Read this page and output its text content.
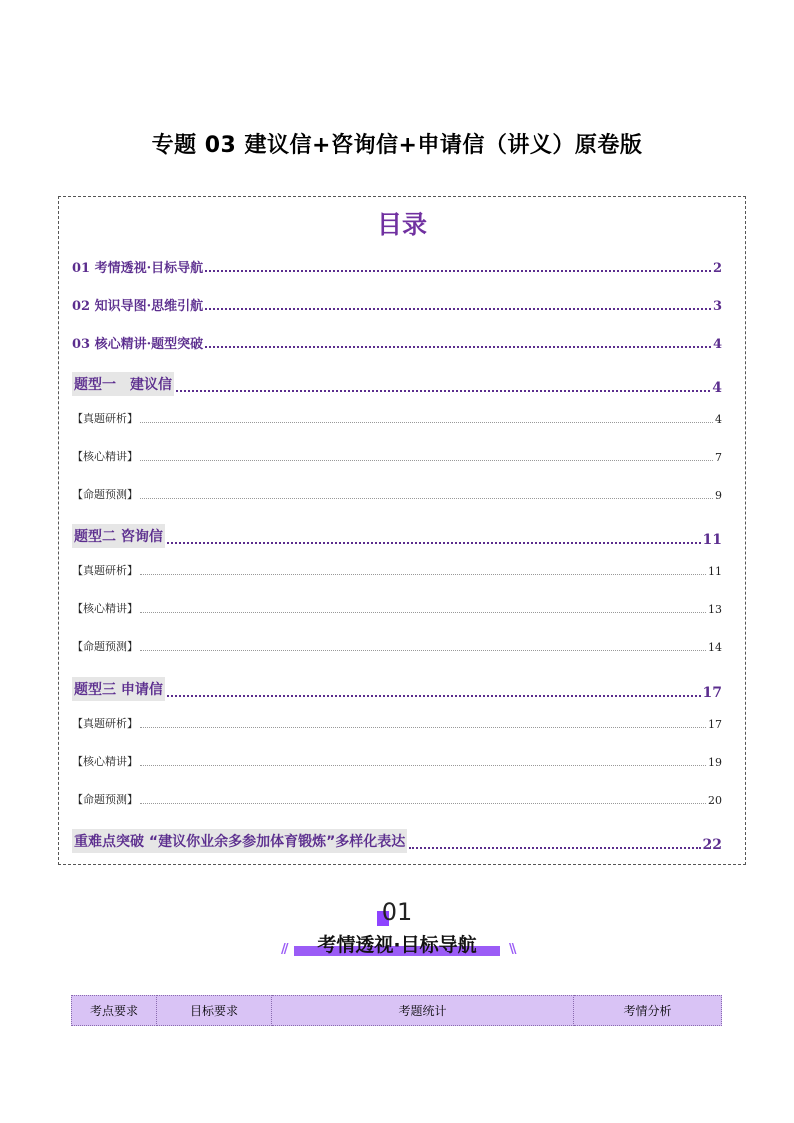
专题 03 建议信+咨询信+申请信（讲义）原卷版
目录
01 考情透视·目标导航	2
02 知识导图·思维引航	3
03 核心精讲·题型突破	4
题型一　建议信	4
【真题研析】	4
【核心精讲】	7
【命题预测】	9
题型二 咨询信	11
【真题研析】	11
【核心精讲】	13
【命题预测】	14
题型三 申请信	17
【真题研析】	17
【核心精讲】	19
【命题预测】	20
重难点突破 “建议你业余多参加体育锻炼”多样化表达	22
01
//	考情透视·目标导航	\\
考点要求	目标要求	考题统计	考情分析
